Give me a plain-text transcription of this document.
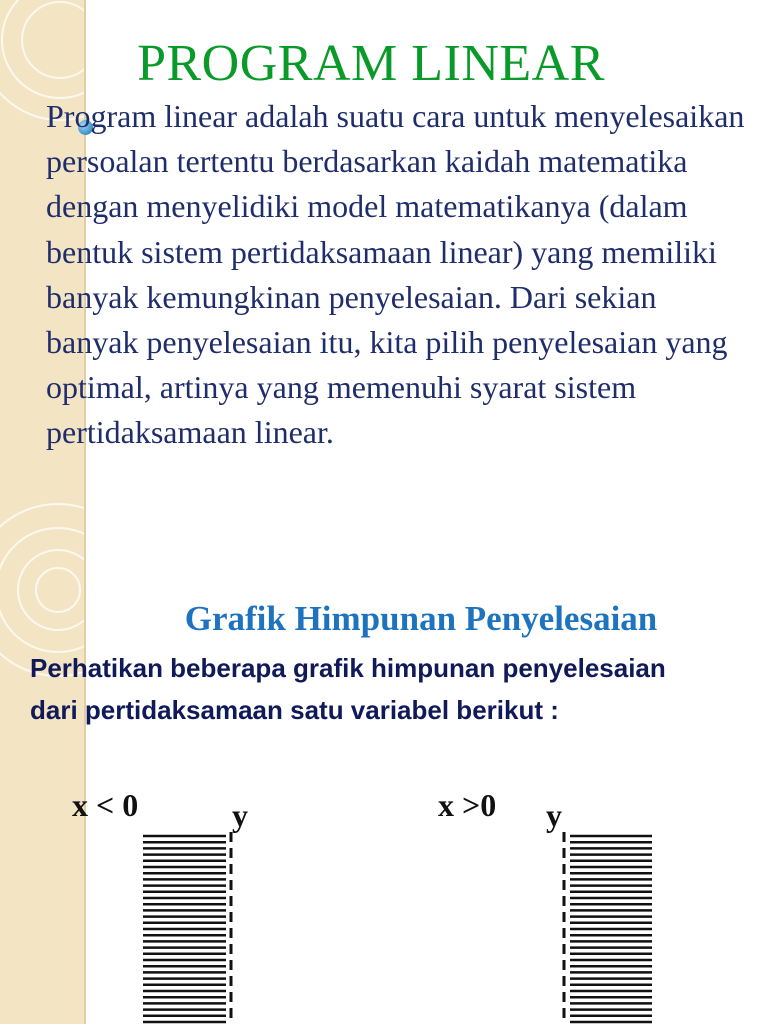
PROGRAM LINEAR

Program linear adalah suatu cara untuk menyelesaikan persoalan tertentu berdasarkan kaidah matematika dengan menyelidiki model matematikanya (dalam bentuk sistem pertidaksamaan linear) yang memiliki banyak kemungkinan penyelesaian. Dari sekian banyak penyelesaian itu, kita pilih penyelesaian yang optimal, artinya yang memenuhi syarat sistem pertidaksamaan linear.

Grafik Himpunan Penyelesaian

Perhatikan beberapa grafik himpunan penyelesaian dari pertidaksamaan satu variabel berikut :

x < 0	y	x >0 y
